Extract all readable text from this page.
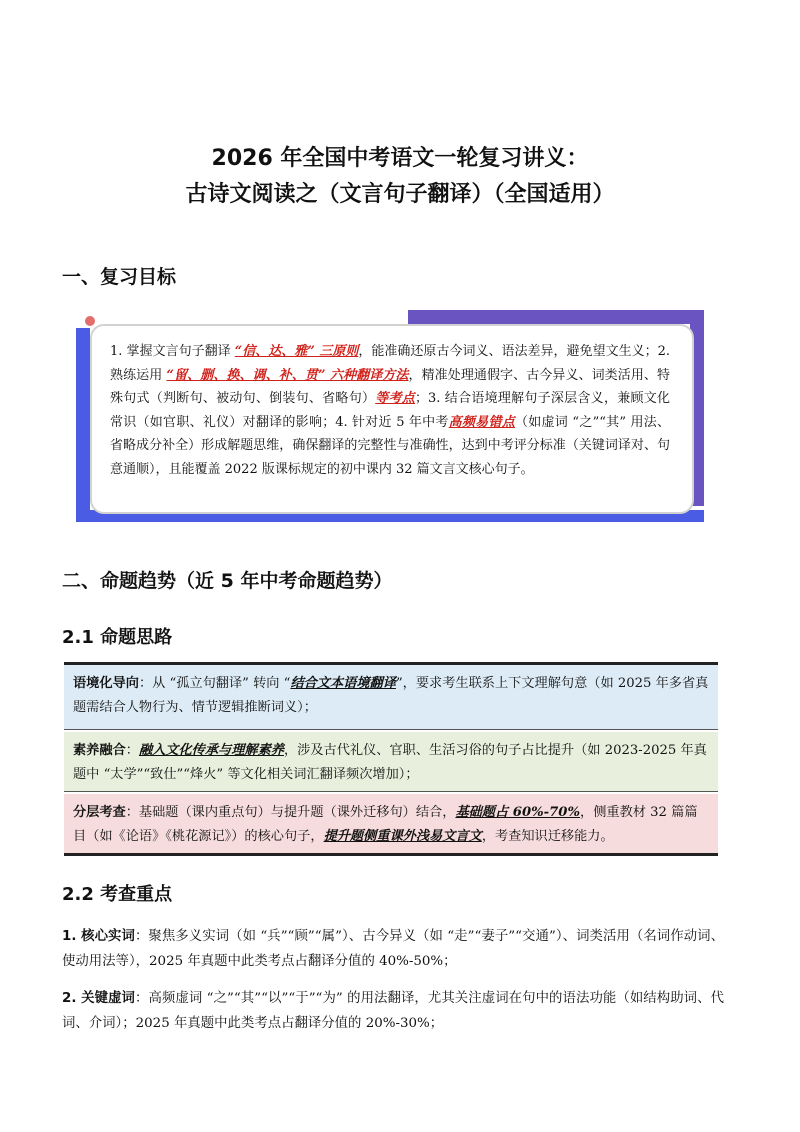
2026 年全国中考语文一轮复习讲义：
古诗文阅读之（文言句子翻译）（全国适用）
一、复习目标
1. 掌握文言句子翻译 “信、达、雅” 三原则，能准确还原古今词义、语法差异，避免望文生义；2. 熟练运用 “留、删、换、调、补、贯” 六种翻译方法，精准处理通假字、古今异义、词类活用、特殊句式（判断句、被动句、倒装句、省略句）等考点；3. 结合语境理解句子深层含义，兼顾文化常识（如官职、礼仪）对翻译的影响；4. 针对近 5 年中考高频易错点（如虚词 “之”“其” 用法、省略成分补全）形成解题思维，确保翻译的完整性与准确性，达到中考评分标准（关键词译对、句意通顺），且能覆盖 2022 版课标规定的初中课内 32 篇文言文核心句子。
二、命题趋势（近 5 年中考命题趋势）
2.1 命题思路
语境化导向：从 “孤立句翻译” 转向 “结合文本语境翻译”，要求考生联系上下文理解句意（如 2025 年多省真题需结合人物行为、情节逻辑推断词义）；
素养融合：融入文化传承与理解素养，涉及古代礼仪、官职、生活习俗的句子占比提升（如 2023-2025 年真题中 “太学”“致仕”“烽火” 等文化相关词汇翻译频次增加）；
分层考查：基础题（课内重点句）与提升题（课外迁移句）结合，基础题占 60%-70%，侧重教材 32 篇篇目（如《论语》《桃花源记》）的核心句子，提升题侧重课外浅易文言文，考查知识迁移能力。
2.2 考查重点
1. 核心实词：聚焦多义实词（如 “兵”“顾”“属”）、古今异义（如 “走”“妻子”“交通”）、词类活用（名词作动词、使动用法等），2025 年真题中此类考点占翻译分值的 40%-50%；
2. 关键虚词：高频虚词 “之”“其”“以”“于”“为” 的用法翻译，尤其关注虚词在句中的语法功能（如结构助词、代词、介词）；2025 年真题中此类考点占翻译分值的 20%-30%；
